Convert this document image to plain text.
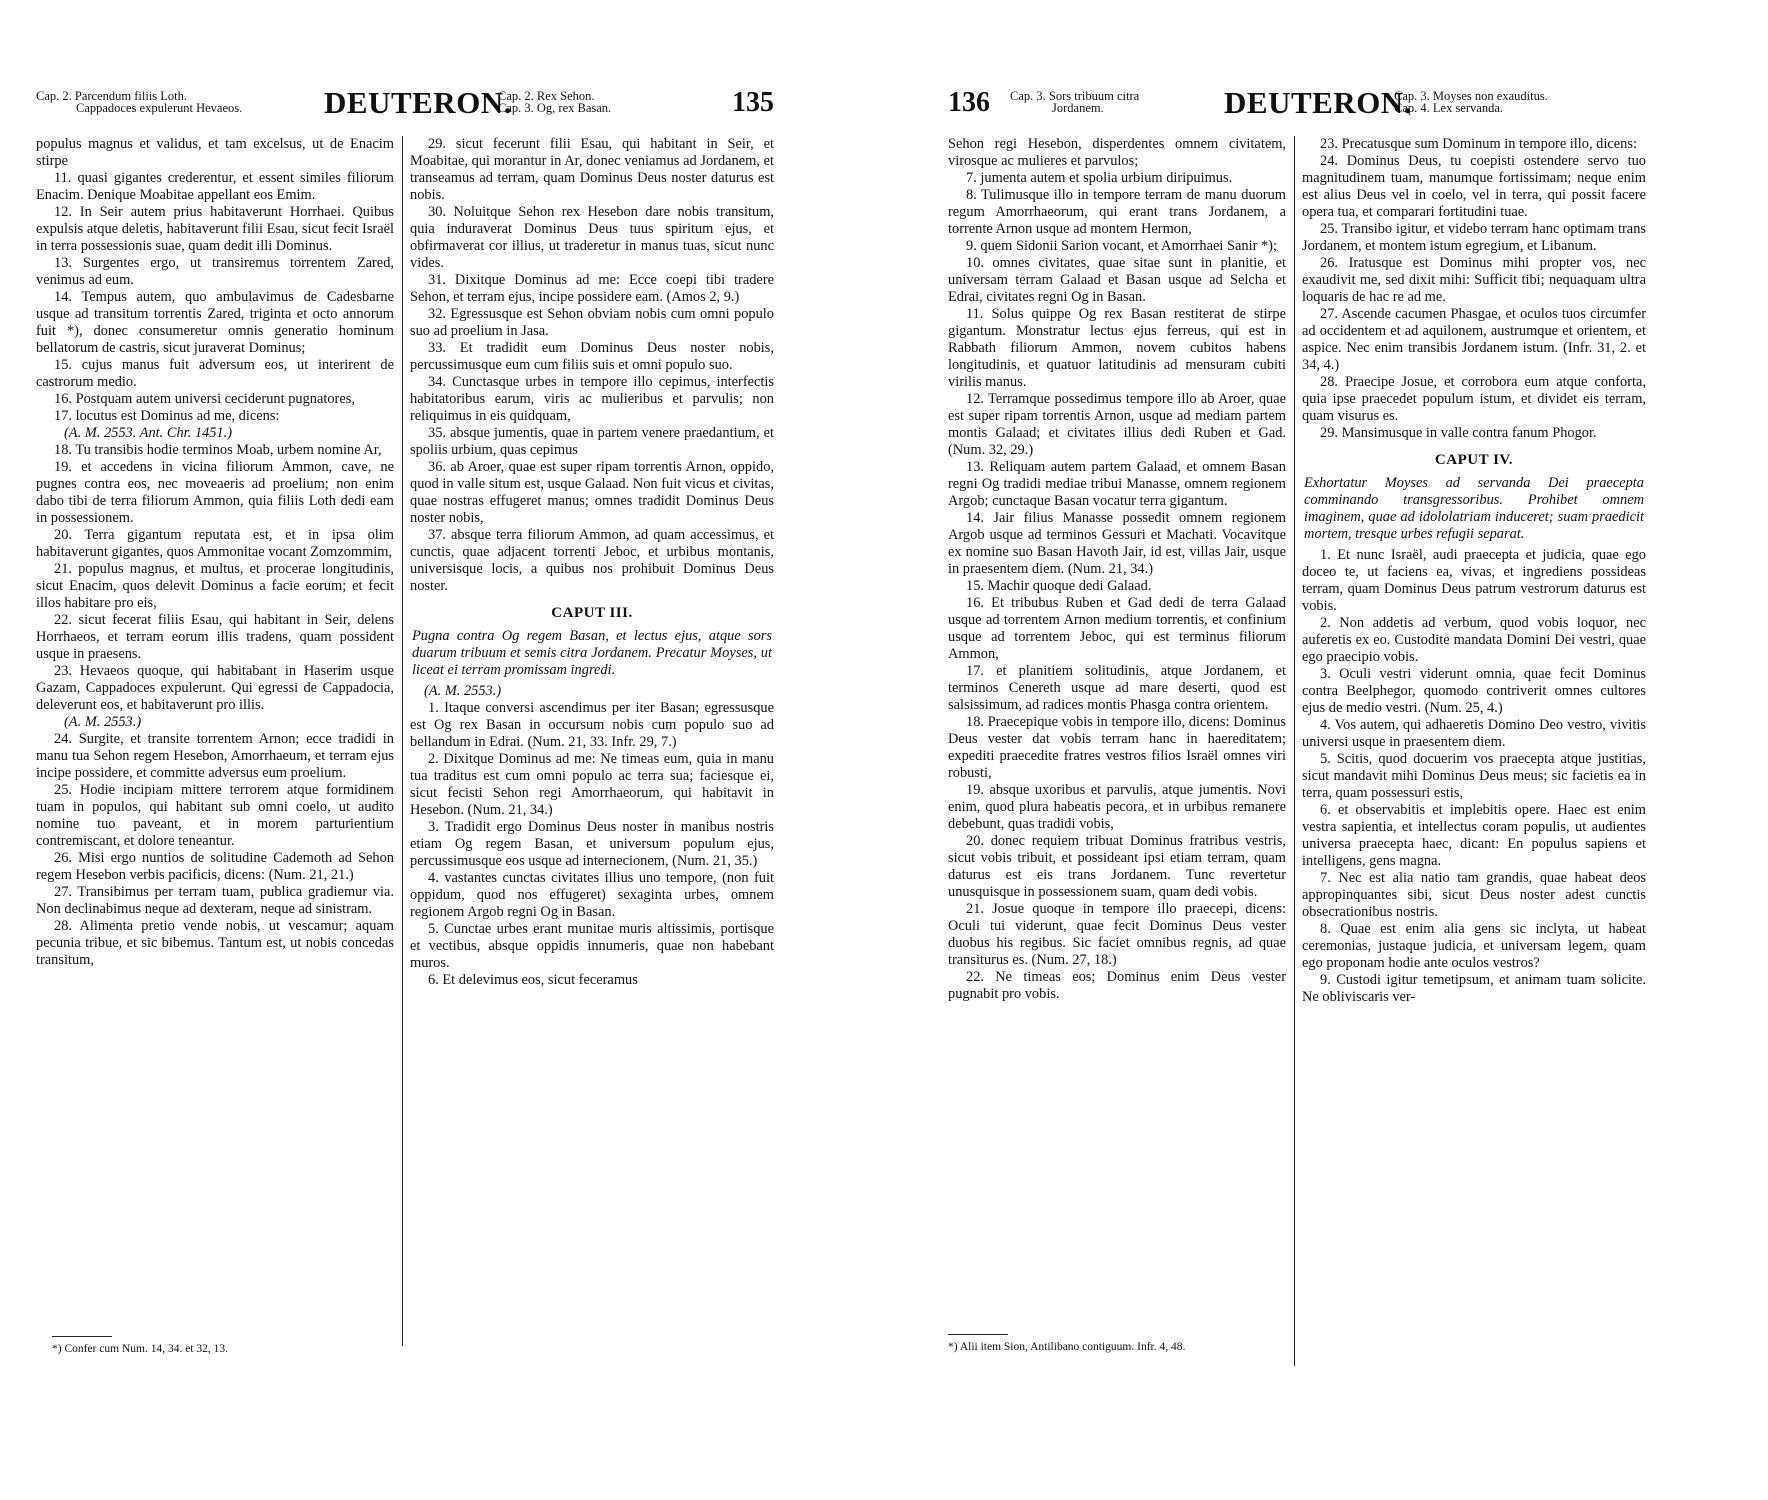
Cap. 2. Parcendum filiis Loth.
Cappadoces expulerunt Hevaeos.	DEUTERON.
Cap. 2. Rex Sehon.
Cap. 3. Og, rex Basan.	135

populus magnus et validus, et tam excelsus, ut de Enacim stirpe

11. quasi gigantes crederentur, et essent similes filiorum Enacim. Denique Moabitae appellant eos Emim.

12. In Seir autem prius habitaverunt Horrhaei. Quibus expulsis atque deletis, habitaverunt filii Esau, sicut fecit Israël in terra possessionis suae, quam dedit illi Dominus.

13. Surgentes ergo, ut transiremus torrentem Zared, venimus ad eum.

14. Tempus autem, quo ambulavimus de Cadesbarne usque ad transitum torrentis Zared, triginta et octo annorum fuit *), donec consumeretur omnis generatio hominum bellatorum de castris, sicut juraverat Dominus;

15. cujus manus fuit adversum eos, ut interirent de castrorum medio.

16. Postquam autem universi ceciderunt pugnatores,

17. locutus est Dominus ad me, dicens:

(A. M. 2553. Ant. Chr. 1451.)

18. Tu transibis hodie terminos Moab, urbem nomine Ar,

19. et accedens in vicina filiorum Ammon, cave, ne pugnes contra eos, nec moveaeris ad proelium; non enim dabo tibi de terra filiorum Ammon, quia filiis Loth dedi eam in possessionem.

20. Terra gigantum reputata est, et in ipsa olim habitaverunt gigantes, quos Ammonitae vocant Zomzommim,

21. populus magnus, et multus, et procerae longitudinis, sicut Enacim, quos delevit Dominus a facie eorum; et fecit illos habitare pro eis,

22. sicut fecerat filiis Esau, qui habitant in Seir, delens Horrhaeos, et terram eorum illis tradens, quam possident usque in praesens.

23. Hevaeos quoque, qui habitabant in Haserim usque Gazam, Cappadoces expulerunt. Qui egressi de Cappadocia, deleverunt eos, et habitaverunt pro illis.

(A. M. 2553.)

24. Surgite, et transite torrentem Arnon; ecce tradidi in manu tua Sehon regem Hesebon, Amorrhaeum, et terram ejus incipe possidere, et committe adversus eum proelium.

25. Hodie incipiam mittere terrorem atque formidinem tuam in populos, qui habitant sub omni coelo, ut audito nomine tuo paveant, et in morem parturientium contremiscant, et dolore teneantur.

26. Misi ergo nuntios de solitudine Cademoth ad Sehon regem Hesebon verbis pacificis, dicens: (Num. 21, 21.)

27. Transibimus per terram tuam, publica gradiemur via. Non declinabimus neque ad dexteram, neque ad sinistram.

28. Alimenta pretio vende nobis, ut vescamur; aquam pecunia tribue, et sic bibemus. Tantum est, ut nobis concedas transitum,

*) Confer cum Num. 14, 34. et 32, 13.

29. sicut fecerunt filii Esau, qui habitant in Seir, et Moabitae, qui morantur in Ar, donec veniamus ad Jordanem, et transeamus ad terram, quam Dominus Deus noster daturus est nobis.

30. Noluitque Sehon rex Hesebon dare nobis transitum, quia induraverat Dominus Deus tuus spiritum ejus, et obfirmaverat cor illius, ut traderetur in manus tuas, sicut nunc vides.

31. Dixitque Dominus ad me: Ecce coepi tibi tradere Sehon, et terram ejus, incipe possidere eam. (Amos 2, 9.)

32. Egressusque est Sehon obviam nobis cum omni populo suo ad proelium in Jasa.

33. Et tradidit eum Dominus Deus noster nobis, percussimusque eum cum filiis suis et omni populo suo.

34. Cunctasque urbes in tempore illo cepimus, interfectis habitatoribus earum, viris ac mulieribus et parvulis; non reliquimus in eis quidquam,

35. absque jumentis, quae in partem venere praedantium, et spoliis urbium, quas cepimus

36. ab Aroer, quae est super ripam torrentis Arnon, oppido, quod in valle situm est, usque Galaad. Non fuit vicus et civitas, quae nostras effugeret manus; omnes tradidit Dominus Deus noster nobis,

37. absque terra filiorum Ammon, ad quam accessimus, et cunctis, quae adjacent torrenti Jeboc, et urbibus montanis, universisque locis, a quibus nos prohibuit Dominus Deus noster.

CAPUT III.

Pugna contra Og regem Basan, et lectus ejus, atque sors duarum tribuum et semis citra Jordanem. Precatur Moyses, ut liceat ei terram promissam ingredi.

(A. M. 2553.)

1. Itaque conversi ascendimus per iter Basan; egressusque est Og rex Basan in occursum nobis cum populo suo ad bellandum in Edrai. (Num. 21, 33. Infr. 29, 7.)

2. Dixitque Dominus ad me: Ne timeas eum, quia in manu tua traditus est cum omni populo ac terra sua; faciesque ei, sicut fecisti Sehon regi Amorrhaeorum, qui habitavit in Hesebon. (Num. 21, 34.)

3. Tradidit ergo Dominus Deus noster in manibus nostris etiam Og regem Basan, et universum populum ejus, percussimusque eos usque ad internecionem, (Num. 21, 35.)

4. vastantes cunctas civitates illius uno tempore, (non fuit oppidum, quod nos effugeret) sexaginta urbes, omnem regionem Argob regni Og in Basan.

5. Cunctae urbes erant munitae muris altissimis, portisque et vectibus, absque oppidis innumeris, quae non habebant muros.

6. Et delevimus eos, sicut feceramus

136 Cap. 3. Sors tribuum citra
Jordanem.	DEUTERON.
Cap. 3. Moyses non exauditus.
Cap. 4. Lex servanda.

Sehon regi Hesebon, disperdentes omnem civitatem, virosque ac mulieres et parvulos;

7. jumenta autem et spolia urbium diripuimus.

8. Tulimusque illo in tempore terram de manu duorum regum Amorrhaeorum, qui erant trans Jordanem, a torrente Arnon usque ad montem Hermon,

9. quem Sidonii Sarion vocant, et Amorrhaei Sanir *);

10. omnes civitates, quae sitae sunt in planitie, et universam terram Galaad et Basan usque ad Selcha et Edrai, civitates regni Og in Basan.

11. Solus quippe Og rex Basan restiterat de stirpe gigantum. Monstratur lectus ejus ferreus, qui est in Rabbath filiorum Ammon, novem cubitos habens longitudinis, et quatuor latitudinis ad mensuram cubiti virilis manus.

12. Terramque possedimus tempore illo ab Aroer, quae est super ripam torrentis Arnon, usque ad mediam partem montis Galaad; et civitates illius dedi Ruben et Gad. (Num. 32, 29.)

13. Reliquam autem partem Galaad, et omnem Basan regni Og tradidi mediae tribui Manasse, omnem regionem Argob; cunctaque Basan vocatur terra gigantum.

14. Jair filius Manasse possedit omnem regionem Argob usque ad terminos Gessuri et Machati. Vocavitque ex nomine suo Basan Havoth Jair, id est, villas Jair, usque in praesentem diem. (Num. 21, 34.)

15. Machir quoque dedi Galaad.

16. Et tribubus Ruben et Gad dedi de terra Galaad usque ad torrentem Arnon medium torrentis, et confinium usque ad torrentem Jeboc, qui est terminus filiorum Ammon,

17. et planitiem solitudinis, atque Jordanem, et terminos Cenereth usque ad mare deserti, quod est salsissimum, ad radices montis Phasga contra orientem.

18. Praecepique vobis in tempore illo, dicens: Dominus Deus vester dat vobis terram hanc in haereditatem; expediti praecedite fratres vestros filios Israël omnes viri robusti,

19. absque uxoribus et parvulis, atque jumentis. Novi enim, quod plura habeatis pecora, et in urbibus remanere debebunt, quas tradidi vobis,

20. donec requiem tribuat Dominus fratribus vestris, sicut vobis tribuit, et possideant ipsi etiam terram, quam daturus est eis trans Jordanem. Tunc revertetur unusquisque in possessionem suam, quam dedi vobis.

21. Josue quoque in tempore illo praecepi, dicens: Oculi tui viderunt, quae fecit Dominus Deus vester duobus his regibus. Sic faciet omnibus regnis, ad quae transiturus es. (Num. 27, 18.)

22. Ne timeas eos; Dominus enim Deus vester pugnabit pro vobis.

*) Alii item Sion, Antilibano contiguum. Infr. 4, 48.

23. Precatusque sum Dominum in tempore illo, dicens:

24. Dominus Deus, tu coepisti ostendere servo tuo magnitudinem tuam, manumque fortissimam; neque enim est alius Deus vel in coelo, vel in terra, qui possit facere opera tua, et comparari fortitudini tuae.

25. Transibo igitur, et videbo terram hanc optimam trans Jordanem, et montem istum egregium, et Libanum.

26. Iratusque est Dominus mihi propter vos, nec exaudivit me, sed dixit mihi: Sufficit tibi; nequaquam ultra loquaris de hac re ad me.

27. Ascende cacumen Phasgae, et oculos tuos circumfer ad occidentem et ad aquilonem, austrumque et orientem, et aspice. Nec enim transibis Jordanem istum. (Infr. 31, 2. et 34, 4.)

28. Praecipe Josue, et corrobora eum atque conforta, quia ipse praecedet populum istum, et dividet eis terram, quam visurus es.

29. Mansimusque in valle contra fanum Phogor.

CAPUT IV.

Exhortatur Moyses ad servanda Dei praecepta comminando transgressoribus. Prohibet omnem imaginem, quae ad idololatriam induceret; suam praedicit mortem, tresque urbes refugii separat.

1. Et nunc Israël, audi praecepta et judicia, quae ego doceo te, ut faciens ea, vivas, et ingrediens possideas terram, quam Dominus Deus patrum vestrorum daturus est vobis.

2. Non addetis ad verbum, quod vobis loquor, nec auferetis ex eo. Custodite mandata Domini Dei vestri, quae ego praecipio vobis.

3. Oculi vestri viderunt omnia, quae fecit Dominus contra Beelphegor, quomodo contriverit omnes cultores ejus de medio vestri. (Num. 25, 4.)

4. Vos autem, qui adhaeretis Domino Deo vestro, vivitis universi usque in praesentem diem.

5. Scitis, quod docuerim vos praecepta atque justitias, sicut mandavit mihi Dominus Deus meus; sic facietis ea in terra, quam possessuri estis,

6. et observabitis et implebitis opere. Haec est enim vestra sapientia, et intellectus coram populis, ut audientes universa praecepta haec, dicant: En populus sapiens et intelligens, gens magna.

7. Nec est alia natio tam grandis, quae habeat deos appropinquantes sibi, sicut Deus noster adest cunctis obsecrationibus nostris.

8. Quae est enim alia gens sic inclyta, ut habeat ceremonias, justaque judicia, et universam legem, quam ego proponam hodie ante oculos vestros?

9. Custodi igitur temetipsum, et animam tuam solicite. Ne obliviscaris ver-
